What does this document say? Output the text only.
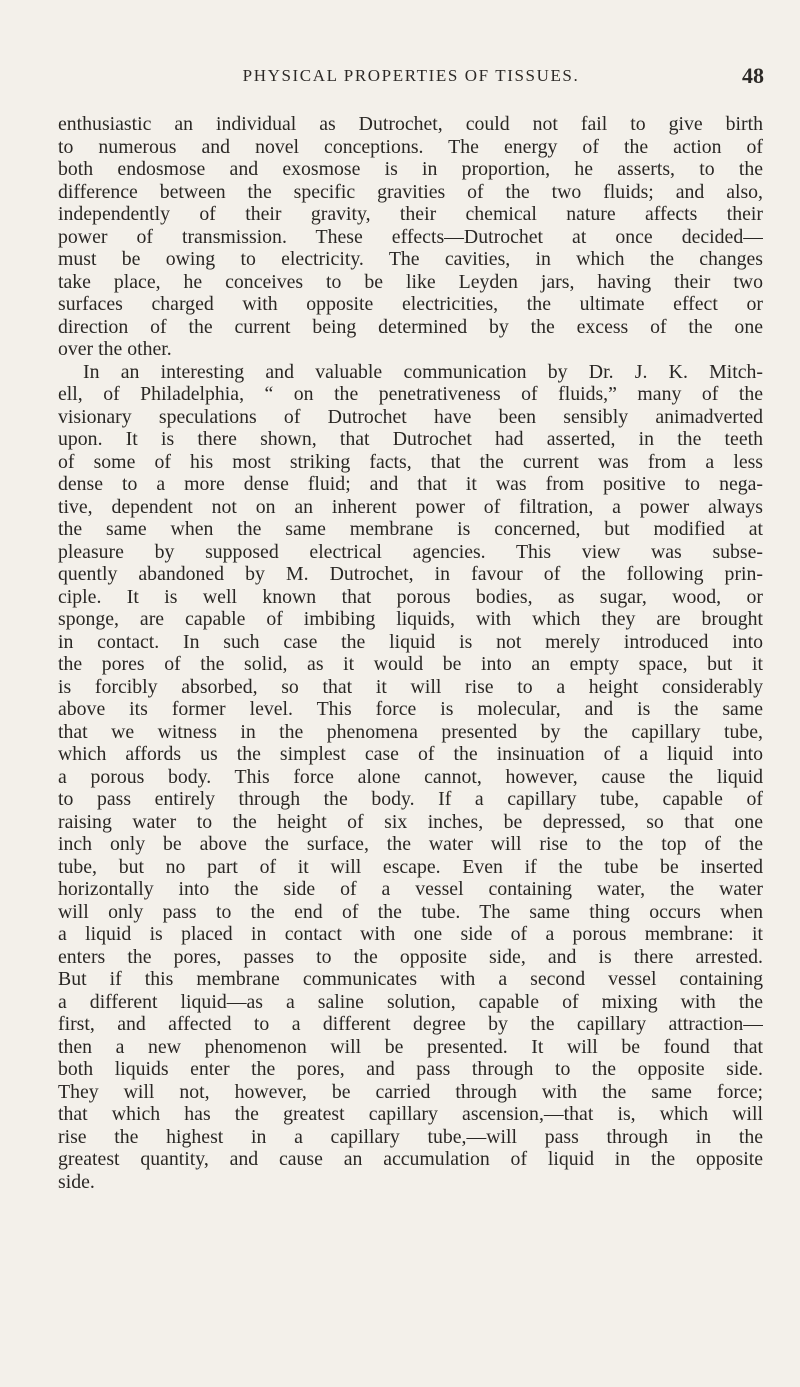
PHYSICAL PROPERTIES OF TISSUES.	48
enthusiastic an individual as Dutrochet, could not fail to give birth
to numerous and novel conceptions. The energy of the action of
both endosmose and exosmose is in proportion, he asserts, to the
difference between the specific gravities of the two fluids; and also,
independently of their gravity, their chemical nature affects their
power of transmission. These effects—Dutrochet at once decided—
must be owing to electricity. The cavities, in which the changes
take place, he conceives to be like Leyden jars, having their two
surfaces charged with opposite electricities, the ultimate effect or
direction of the current being determined by the excess of the one
over the other.
In an interesting and valuable communication by Dr. J. K. Mitch-
ell, of Philadelphia, “ on the penetrativeness of fluids,” many of the
visionary speculations of Dutrochet have been sensibly animadverted
upon. It is there shown, that Dutrochet had asserted, in the teeth
of some of his most striking facts, that the current was from a less
dense to a more dense fluid; and that it was from positive to nega-
tive, dependent not on an inherent power of filtration, a power always
the same when the same membrane is concerned, but modified at
pleasure by supposed electrical agencies. This view was subse-
quently abandoned by M. Dutrochet, in favour of the following prin-
ciple. It is well known that porous bodies, as sugar, wood, or
sponge, are capable of imbibing liquids, with which they are brought
in contact. In such case the liquid is not merely introduced into
the pores of the solid, as it would be into an empty space, but it
is forcibly absorbed, so that it will rise to a height considerably
above its former level. This force is molecular, and is the same
that we witness in the phenomena presented by the capillary tube,
which affords us the simplest case of the insinuation of a liquid into
a porous body. This force alone cannot, however, cause the liquid
to pass entirely through the body. If a capillary tube, capable of
raising water to the height of six inches, be depressed, so that one
inch only be above the surface, the water will rise to the top of the
tube, but no part of it will escape. Even if the tube be inserted
horizontally into the side of a vessel containing water, the water
will only pass to the end of the tube. The same thing occurs when
a liquid is placed in contact with one side of a porous membrane: it
enters the pores, passes to the opposite side, and is there arrested.
But if this membrane communicates with a second vessel containing
a different liquid—as a saline solution, capable of mixing with the
first, and affected to a different degree by the capillary attraction—
then a new phenomenon will be presented. It will be found that
both liquids enter the pores, and pass through to the opposite side.
They will not, however, be carried through with the same force;
that which has the greatest capillary ascension,—that is, which will
rise the highest in a capillary tube,—will pass through in the
greatest quantity, and cause an accumulation of liquid in the opposite
side.
